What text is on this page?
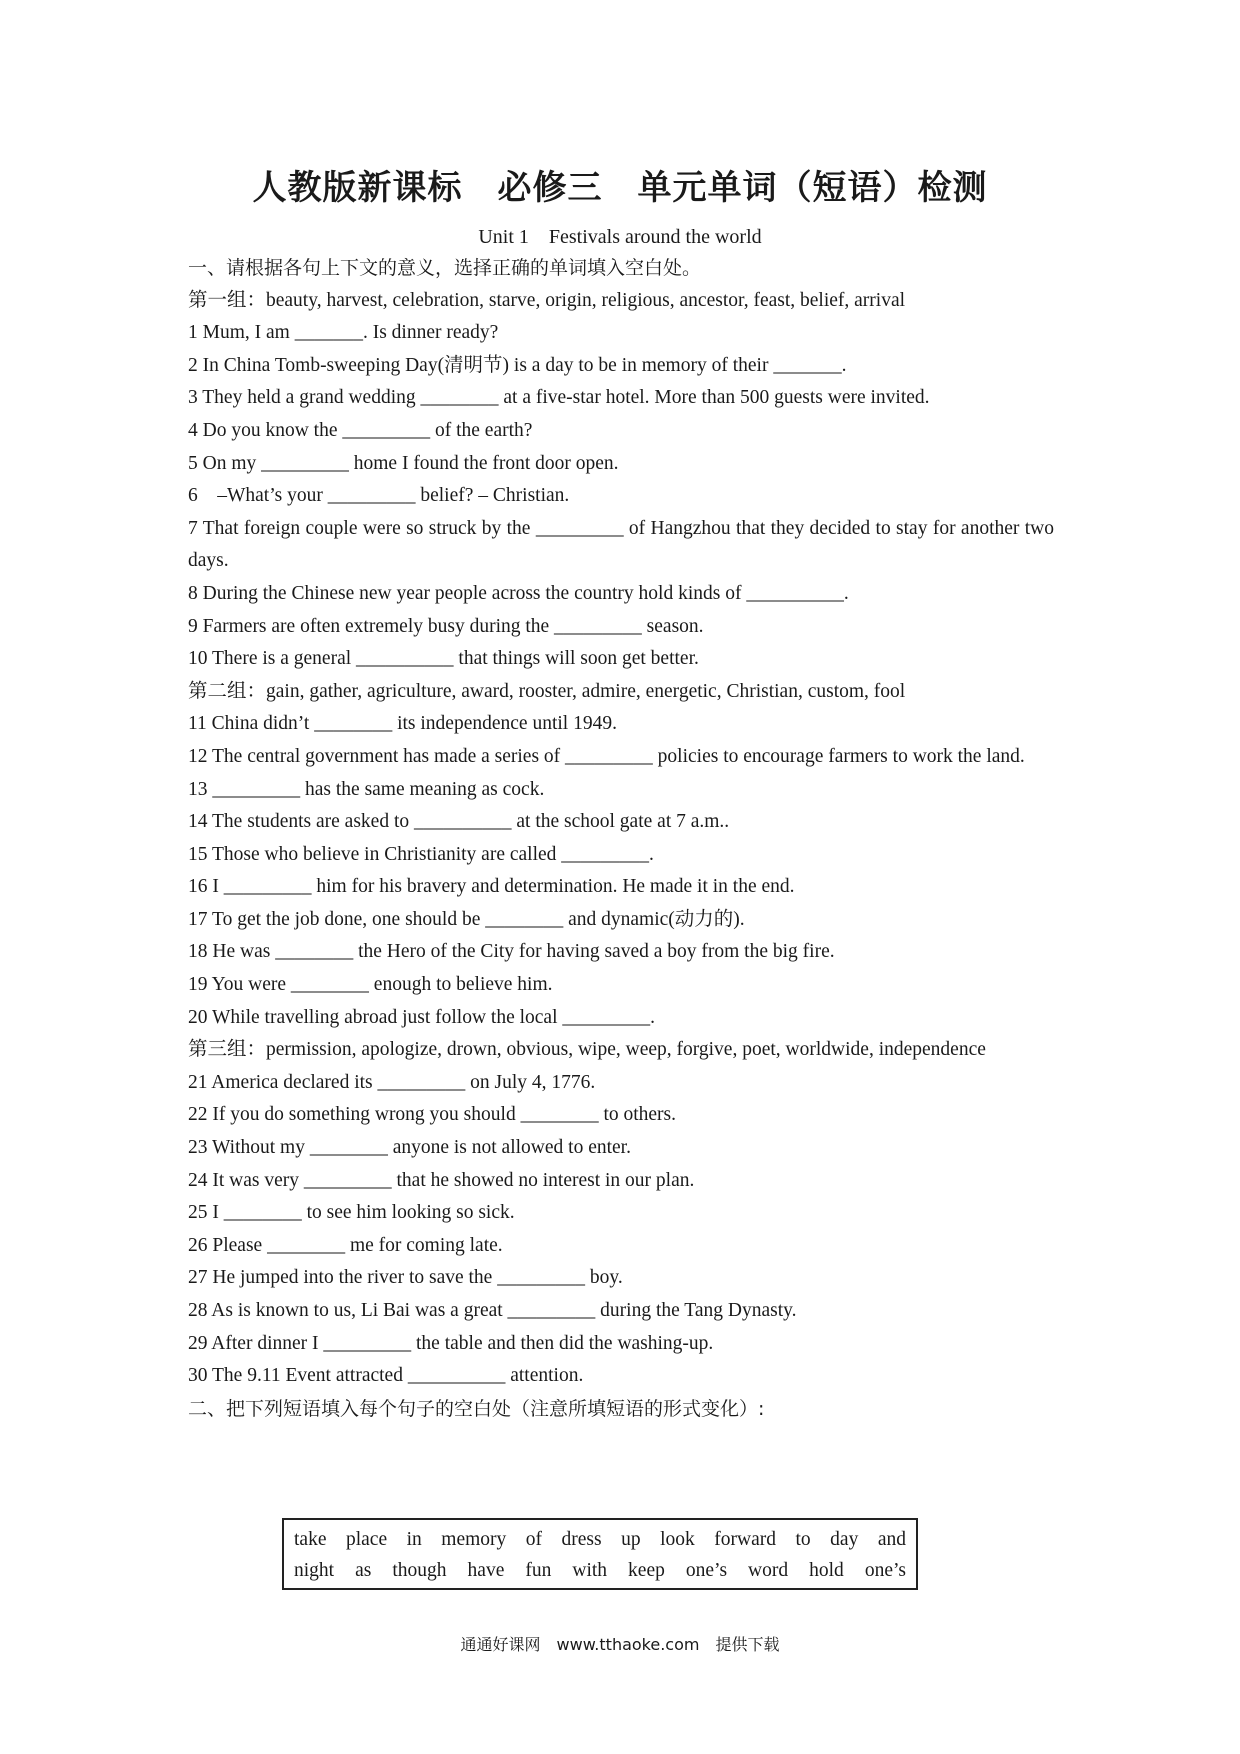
人教版新课标　必修三　单元单词（短语）检测
Unit 1　Festivals around the world
一、请根据各句上下文的意义，选择正确的单词填入空白处。
第一组：beauty, harvest, celebration, starve, origin, religious, ancestor, feast, belief, arrival
1 Mum, I am _______. Is dinner ready?
2 In China Tomb-sweeping Day(清明节) is a day to be in memory of their _______.
3 They held a grand wedding ________ at a five-star hotel. More than 500 guests were invited.
4 Do you know the _________ of the earth?
5 On my _________ home I found the front door open.
6　–What’s your _________ belief? – Christian.
7 That foreign couple were so struck by the _________ of Hangzhou that they decided to stay for another two days.
8 During the Chinese new year people across the country hold kinds of __________.
9 Farmers are often extremely busy during the _________ season.
10 There is a general __________ that things will soon get better.
第二组：gain, gather, agriculture, award, rooster, admire, energetic, Christian, custom, fool
11 China didn’t ________ its independence until 1949.
12 The central government has made a series of _________ policies to encourage farmers to work the land.
13 _________ has the same meaning as cock.
14 The students are asked to __________ at the school gate at 7 a.m..
15 Those who believe in Christianity are called _________.
16 I _________ him for his bravery and determination. He made it in the end.
17 To get the job done, one should be ________ and dynamic(动力的).
18 He was ________ the Hero of the City for having saved a boy from the big fire.
19 You were ________ enough to believe him.
20 While travelling abroad just follow the local _________.
第三组：permission, apologize, drown, obvious, wipe, weep, forgive, poet, worldwide, independence
21 America declared its _________ on July 4, 1776.
22 If you do something wrong you should ________ to others.
23 Without my ________ anyone is not allowed to enter.
24 It was very _________ that he showed no interest in our plan.
25 I ________ to see him looking so sick.
26 Please ________ me for coming late.
27 He jumped into the river to save the _________ boy.
28 As is known to us, Li Bai was a great _________ during the Tang Dynasty.
29 After dinner I _________ the table and then did the washing-up.
30 The 9.11 Event attracted __________ attention.
二、把下列短语填入每个句子的空白处（注意所填短语的形式变化）:
take place in memory of dress up look forward to day and
night as though have fun with keep one’s word hold one’s
通通好课网　www.tthaoke.com　提供下载
